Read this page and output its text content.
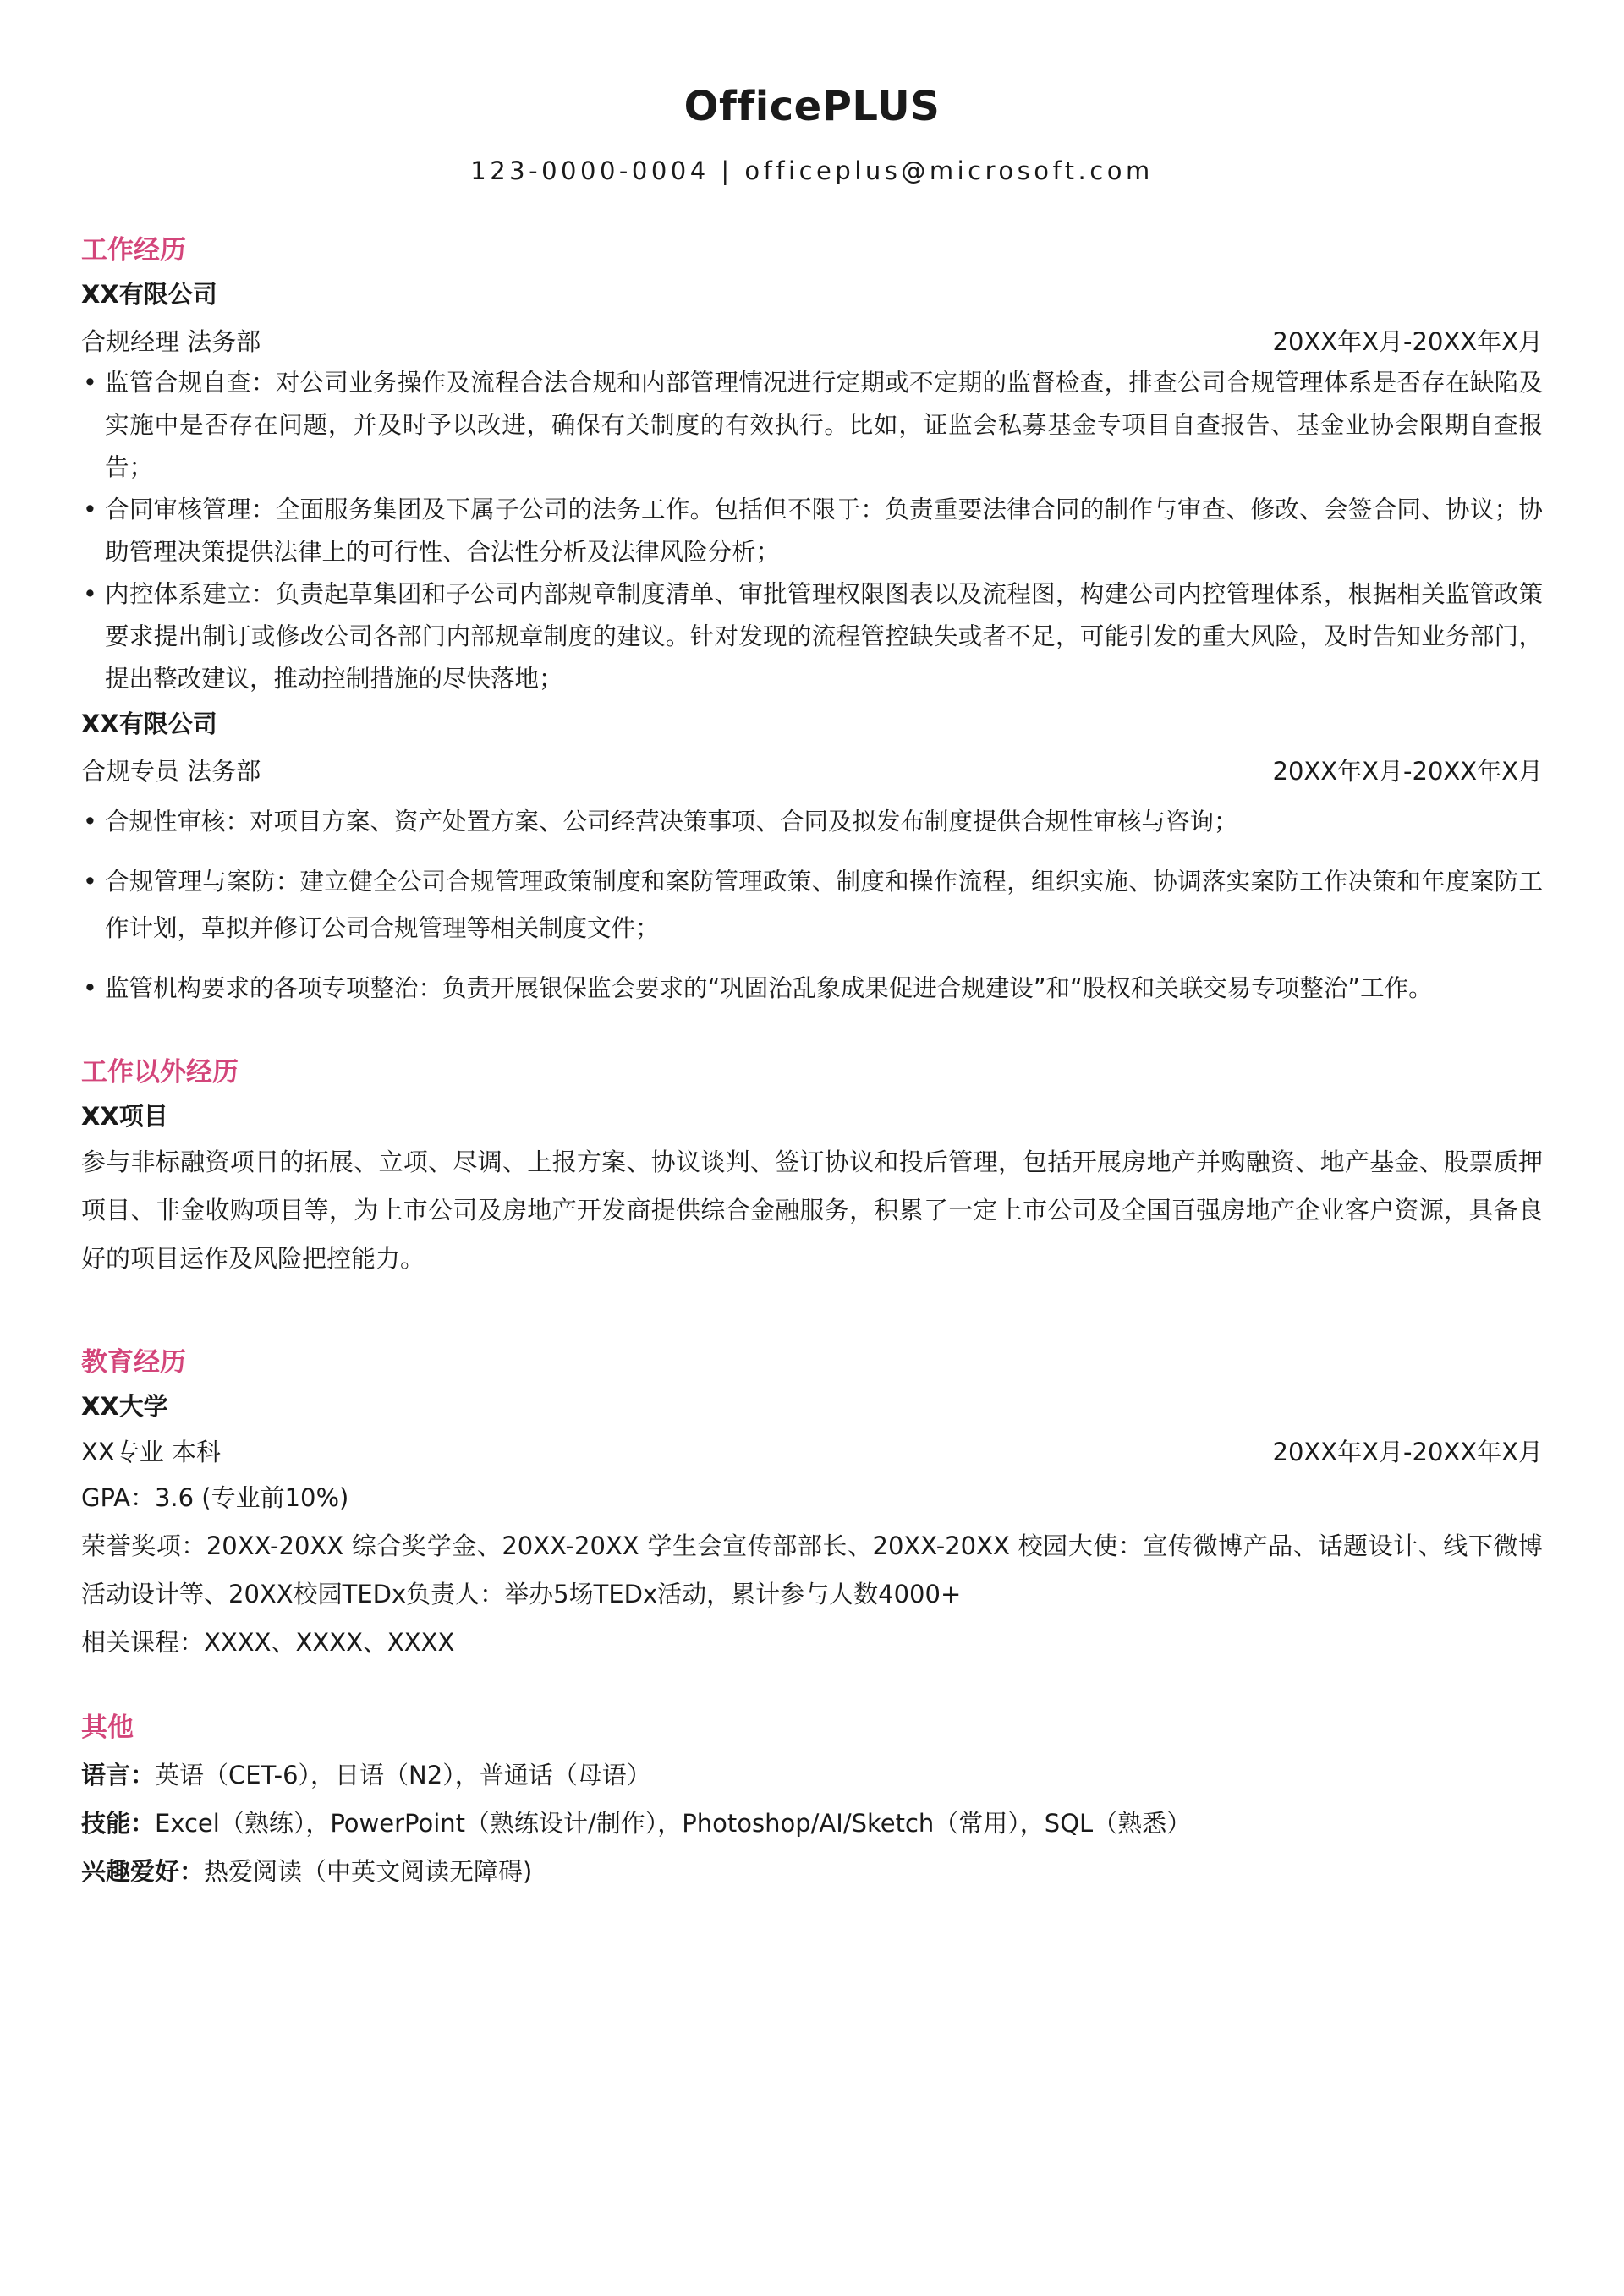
OfficePLUS
123-0000-0004 | officeplus@microsoft.com
工作经历
XX有限公司
合规经理 法务部	20XX年X月-20XX年X月
• 监管合规自查：对公司业务操作及流程合法合规和内部管理情况进行定期或不定期的监督检查，排查公司合规管理体系是否存在缺陷及实施中是否存在问题，并及时予以改进，确保有关制度的有效执行。比如，证监会私募基金专项目自查报告、基金业协会限期自查报告；
• 合同审核管理：全面服务集团及下属子公司的法务工作。包括但不限于：负责重要法律合同的制作与审查、修改、会签合同、协议；协助管理决策提供法律上的可行性、合法性分析及法律风险分析；
• 内控体系建立：负责起草集团和子公司内部规章制度清单、审批管理权限图表以及流程图，构建公司内控管理体系，根据相关监管政策要求提出制订或修改公司各部门内部规章制度的建议。针对发现的流程管控缺失或者不足，可能引发的重大风险，及时告知业务部门，提出整改建议，推动控制措施的尽快落地；
XX有限公司
合规专员 法务部	20XX年X月-20XX年X月
• 合规性审核：对项目方案、资产处置方案、公司经营决策事项、合同及拟发布制度提供合规性审核与咨询；
• 合规管理与案防：建立健全公司合规管理政策制度和案防管理政策、制度和操作流程，组织实施、协调落实案防工作决策和年度案防工作计划，草拟并修订公司合规管理等相关制度文件；
• 监管机构要求的各项专项整治：负责开展银保监会要求的“巩固治乱象成果促进合规建设”和“股权和关联交易专项整治”工作。
工作以外经历
XX项目
参与非标融资项目的拓展、立项、尽调、上报方案、协议谈判、签订协议和投后管理，包括开展房地产并购融资、地产基金、股票质押项目、非金收购项目等，为上市公司及房地产开发商提供综合金融服务，积累了一定上市公司及全国百强房地产企业客户资源，具备良好的项目运作及风险把控能力。
教育经历
XX大学
XX专业 本科	20XX年X月-20XX年X月
GPA：3.6 (专业前10%)
荣誉奖项：20XX-20XX 综合奖学金、20XX-20XX 学生会宣传部部长、20XX-20XX 校园大使：宣传微博产品、话题设计、线下微博活动设计等、20XX校园TEDx负责人：举办5场TEDx活动，累计参与人数4000+
相关课程：XXXX、XXXX、XXXX
其他
语言：英语（CET-6），日语（N2），普通话（母语）
技能：Excel（熟练），PowerPoint（熟练设计/制作），Photoshop/AI/Sketch（常用），SQL（熟悉）
兴趣爱好：热爱阅读（中英文阅读无障碍)
